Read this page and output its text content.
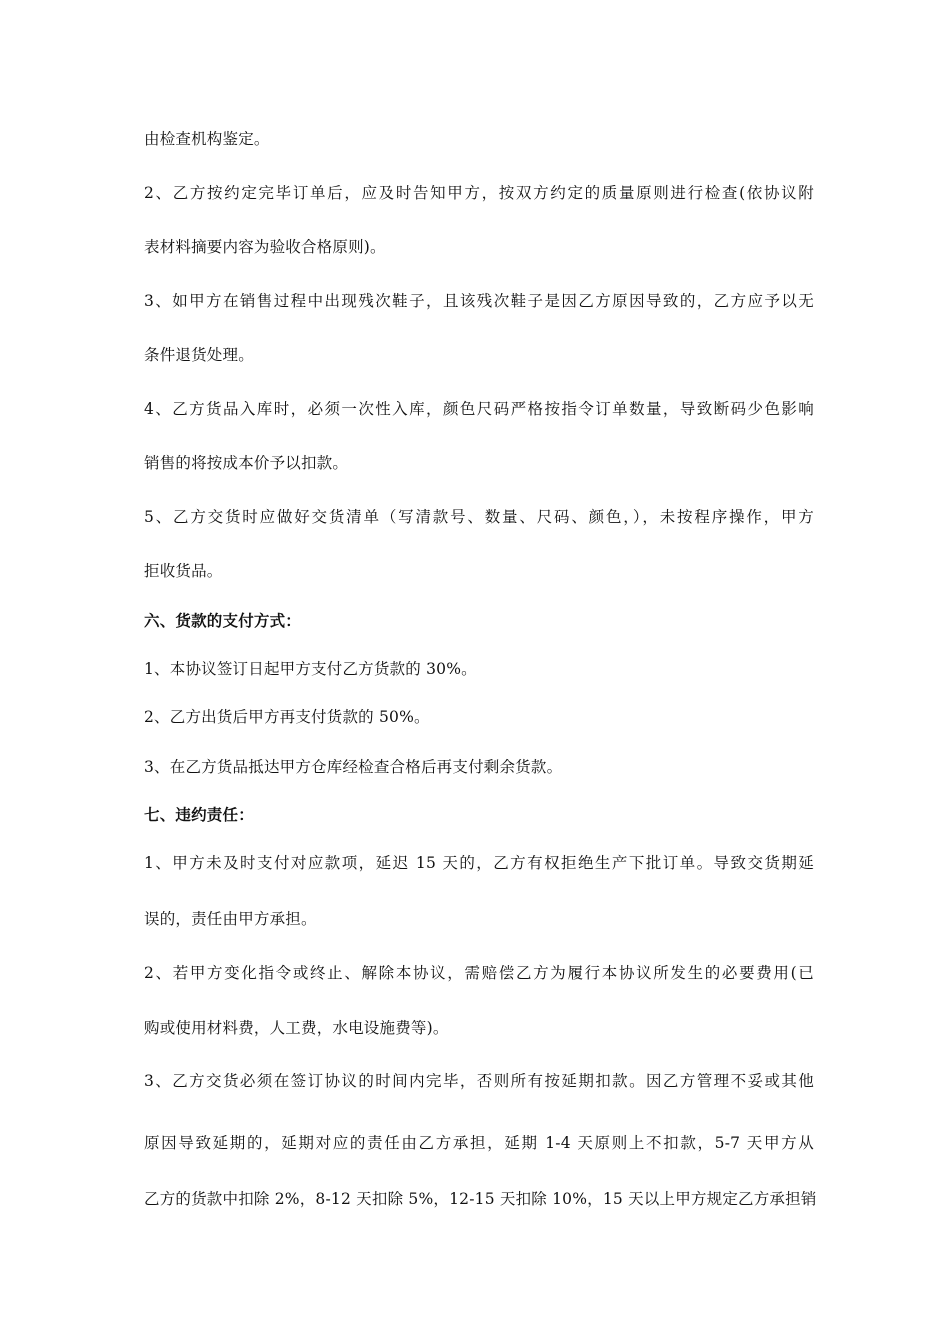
由检查机构鉴定。
2、乙方按约定完毕订单后，应及时告知甲方，按双方约定的质量原则进行检查(依协议附
表材料摘要内容为验收合格原则)。
3、如甲方在销售过程中出现残次鞋子，且该残次鞋子是因乙方原因导致的，乙方应予以无
条件退货处理。
4、乙方货品入库时，必须一次性入库，颜色尺码严格按指令订单数量，导致断码少色影响
销售的将按成本价予以扣款。
5、乙方交货时应做好交货清单（写清款号、数量、尺码、颜色，），未按程序操作，甲方
拒收货品。
六、货款的支付方式：
1、本协议签订日起甲方支付乙方货款的 30%。
2、乙方出货后甲方再支付货款的 50%。
3、在乙方货品抵达甲方仓库经检查合格后再支付剩余货款。
七、违约责任：
1、甲方未及时支付对应款项，延迟 15 天的，乙方有权拒绝生产下批订单。导致交货期延
误的，责任由甲方承担。
2、若甲方变化指令或终止、解除本协议，需赔偿乙方为履行本协议所发生的必要费用(已
购或使用材料费，人工费，水电设施费等)。
3、乙方交货必须在签订协议的时间内完毕，否则所有按延期扣款。因乙方管理不妥或其他
原因导致延期的，延期对应的责任由乙方承担，延期 1-4 天原则上不扣款，5-7 天甲方从
乙方的货款中扣除 2%，8-12 天扣除 5%，12-15 天扣除 10%，15 天以上甲方规定乙方承担销
